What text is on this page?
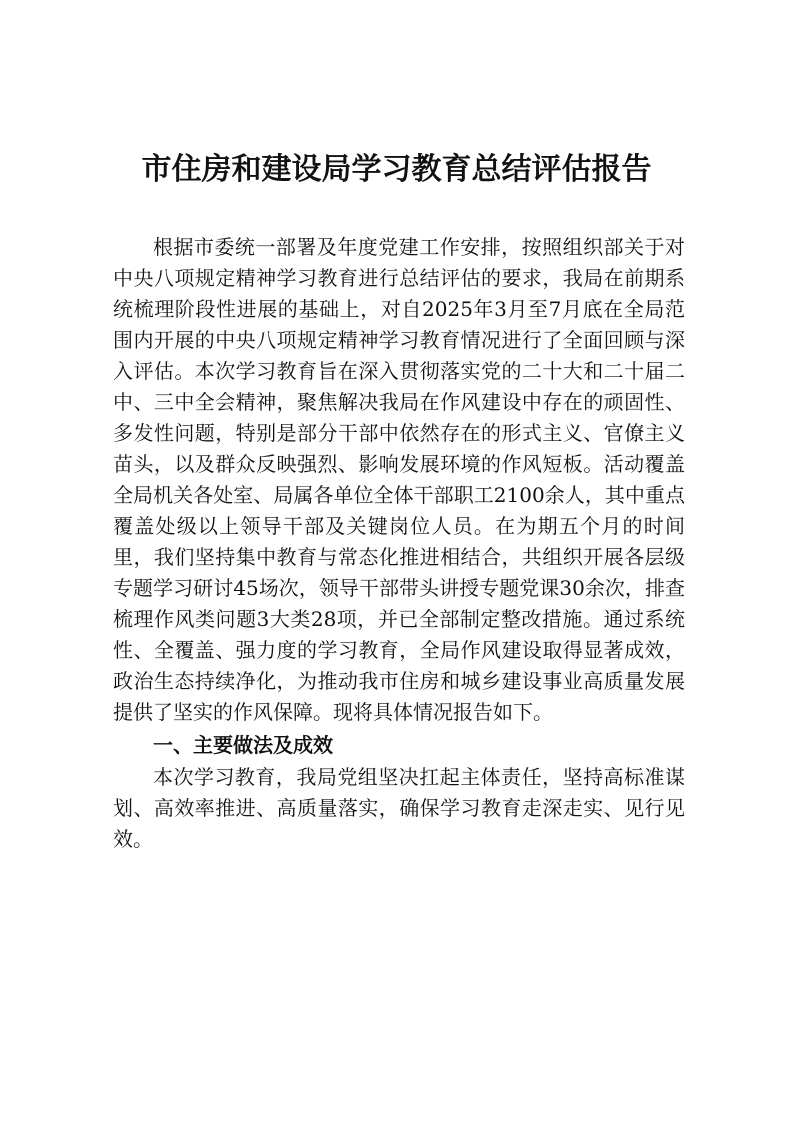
市住房和建设局学习教育总结评估报告

根据市委统一部署及年度党建工作安排，按照组织部关于对中央八项规定精神学习教育进行总结评估的要求，我局在前期系统梳理阶段性进展的基础上，对自2025年3月至7月底在全局范围内开展的中央八项规定精神学习教育情况进行了全面回顾与深入评估。本次学习教育旨在深入贯彻落实党的二十大和二十届二中、三中全会精神，聚焦解决我局在作风建设中存在的顽固性、多发性问题，特别是部分干部中依然存在的形式主义、官僚主义苗头，以及群众反映强烈、影响发展环境的作风短板。活动覆盖全局机关各处室、局属各单位全体干部职工2100余人，其中重点覆盖处级以上领导干部及关键岗位人员。在为期五个月的时间里，我们坚持集中教育与常态化推进相结合，共组织开展各层级专题学习研讨45场次，领导干部带头讲授专题党课30余次，排查梳理作风类问题3大类28项，并已全部制定整改措施。通过系统性、全覆盖、强力度的学习教育，全局作风建设取得显著成效，政治生态持续净化，为推动我市住房和城乡建设事业高质量发展提供了坚实的作风保障。现将具体情况报告如下。

一、主要做法及成效

本次学习教育，我局党组坚决扛起主体责任，坚持高标准谋划、高效率推进、高质量落实，确保学习教育走深走实、见行见效。
